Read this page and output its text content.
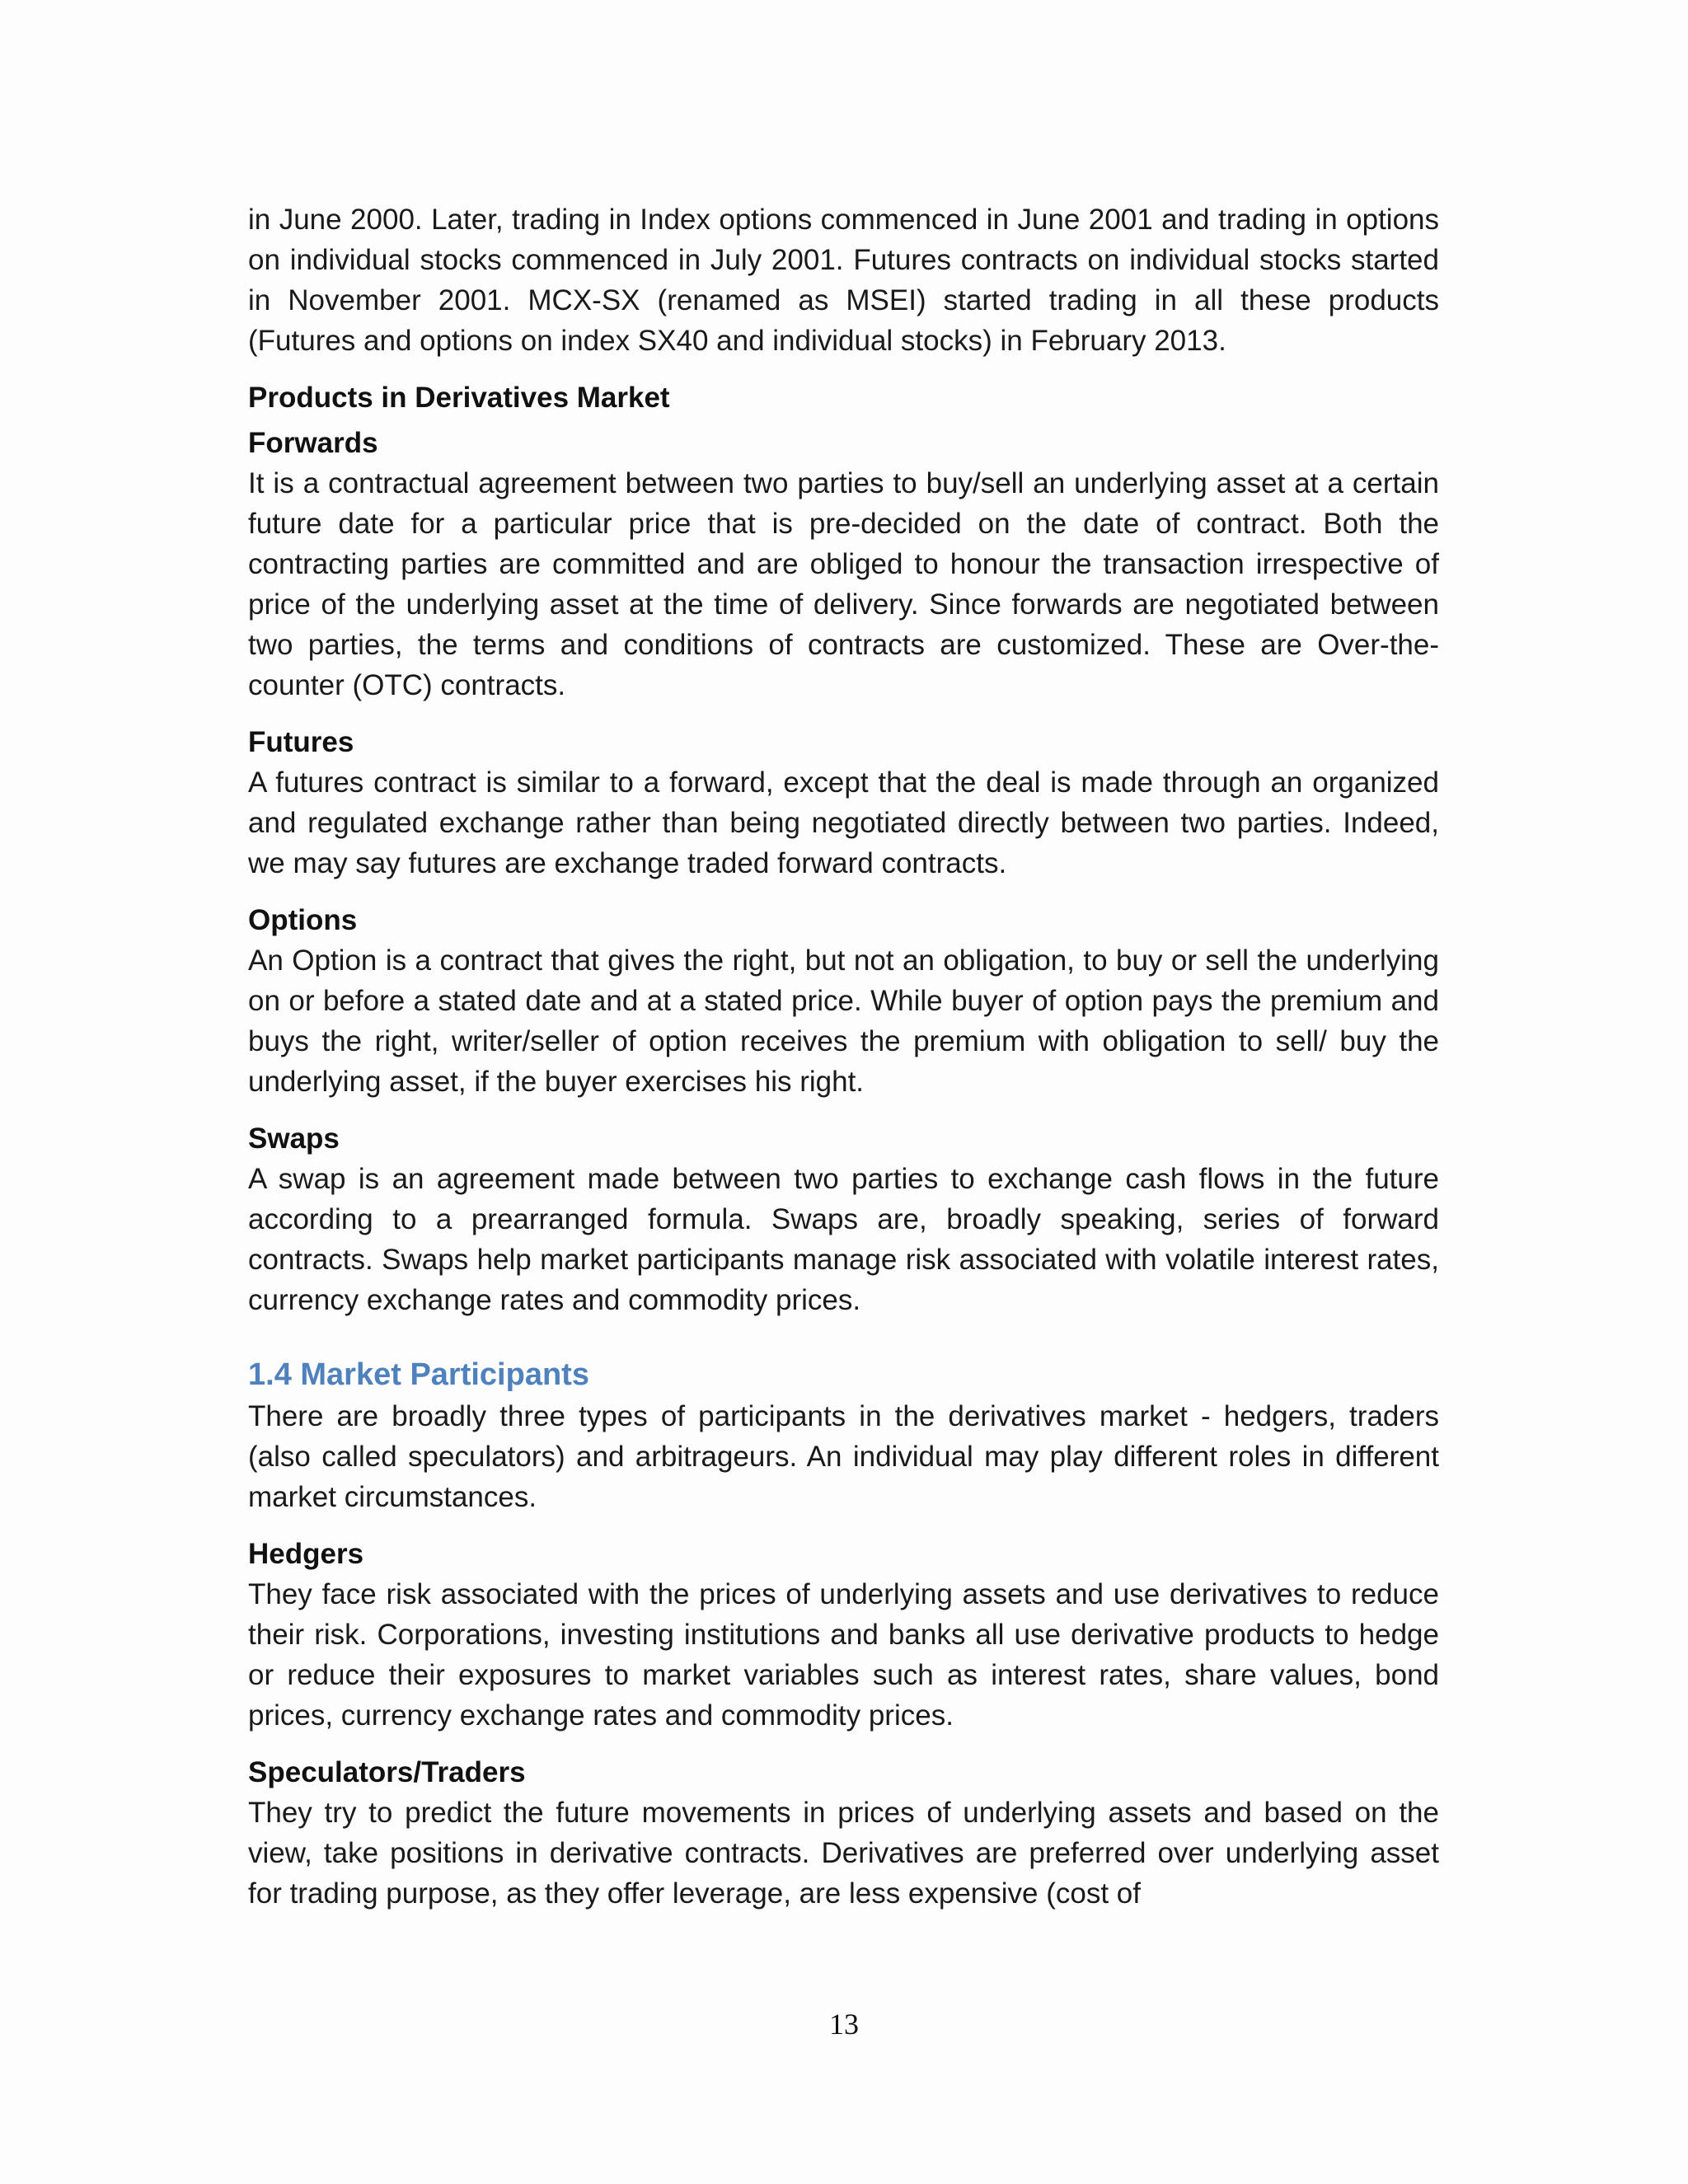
in June 2000. Later, trading in Index options commenced in June 2001 and trading in options on individual stocks commenced in July 2001. Futures contracts on individual stocks started in November 2001. MCX-SX (renamed as MSEI) started trading in all these products (Futures and options on index SX40 and individual stocks) in February 2013.

Products in Derivatives Market

Forwards

It is a contractual agreement between two parties to buy/sell an underlying asset at a certain future date for a particular price that is pre-decided on the date of contract. Both the contracting parties are committed and are obliged to honour the transaction irrespective of price of the underlying asset at the time of delivery. Since forwards are negotiated between two parties, the terms and conditions of contracts are customized. These are Over-the-counter (OTC) contracts.

Futures

A futures contract is similar to a forward, except that the deal is made through an organized and regulated exchange rather than being negotiated directly between two parties. Indeed, we may say futures are exchange traded forward contracts.

Options

An Option is a contract that gives the right, but not an obligation, to buy or sell the underlying on or before a stated date and at a stated price. While buyer of option pays the premium and buys the right, writer/seller of option receives the premium with obligation to sell/ buy the underlying asset, if the buyer exercises his right.

Swaps

A swap is an agreement made between two parties to exchange cash flows in the future according to a prearranged formula. Swaps are, broadly speaking, series of forward contracts. Swaps help market participants manage risk associated with volatile interest rates, currency exchange rates and commodity prices.

1.4 Market Participants

There are broadly three types of participants in the derivatives market - hedgers, traders (also called speculators) and arbitrageurs. An individual may play different roles in different market circumstances.

Hedgers

They face risk associated with the prices of underlying assets and use derivatives to reduce their risk. Corporations, investing institutions and banks all use derivative products to hedge or reduce their exposures to market variables such as interest rates, share values, bond prices, currency exchange rates and commodity prices.

Speculators/Traders

They try to predict the future movements in prices of underlying assets and based on the view, take positions in derivative contracts. Derivatives are preferred over underlying asset for trading purpose, as they offer leverage, are less expensive (cost of

13
